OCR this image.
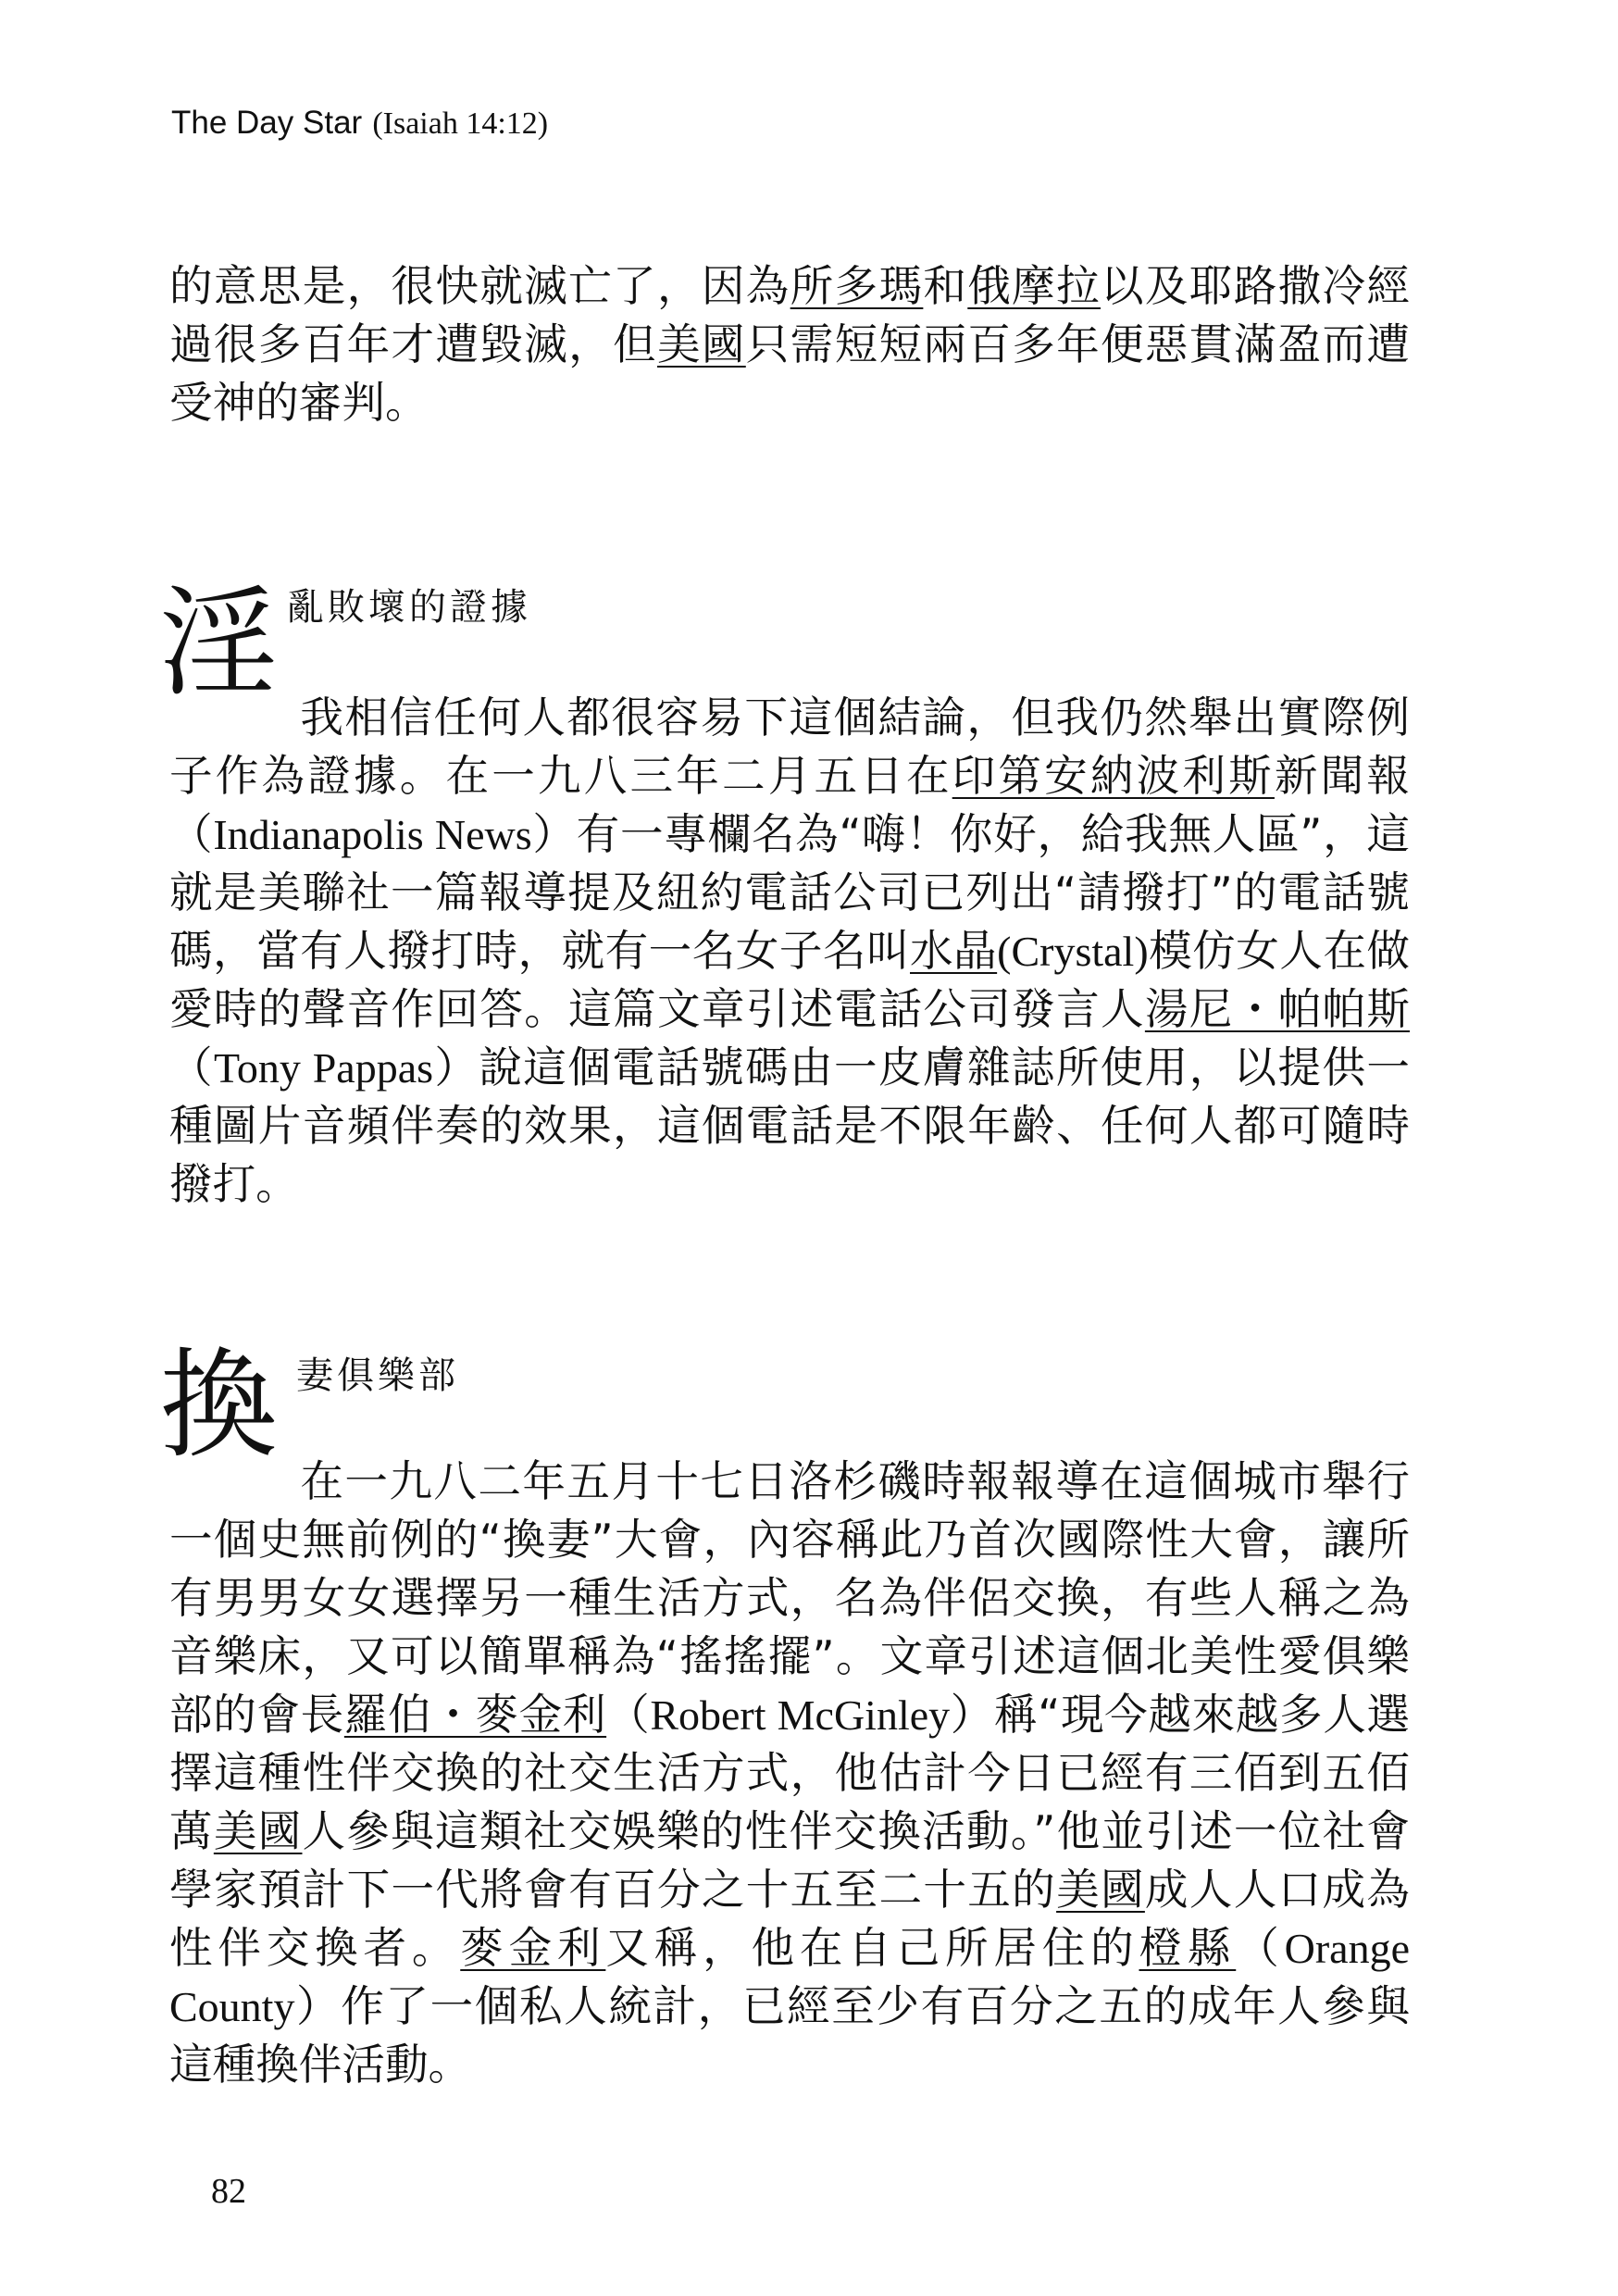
The Day Star (Isaiah 14:12)
的意思是，很快就滅亡了，因為所多瑪和俄摩拉以及耶路撒冷經過很多百年才遭毀滅，但美國只需短短兩百多年便惡貫滿盈而遭受神的審判。
淫 亂敗壞的證據
我相信任何人都很容易下這個結論，但我仍然舉出實際例子作為證據。在一九八三年二月五日在印第安納波利斯新聞報（Indianapolis News）有一專欄名為“嗨！你好，給我無人區”，這就是美聯社一篇報導提及紐約電話公司已列出“請撥打”的電話號碼，當有人撥打時，就有一名女子名叫水晶(Crystal)模仿女人在做愛時的聲音作回答。這篇文章引述電話公司發言人湯尼・帕帕斯（Tony Pappas）說這個電話號碼由一皮膚雜誌所使用，以提供一種圖片音頻伴奏的效果，這個電話是不限年齡、任何人都可隨時撥打。
換 妻俱樂部
在一九八二年五月十七日洛杉磯時報報導在這個城市舉行一個史無前例的“換妻”大會，內容稱此乃首次國際性大會，讓所有男男女女選擇另一種生活方式，名為伴侶交換，有些人稱之為音樂床，又可以簡單稱為“搖搖擺”。文章引述這個北美性愛俱樂部的會長羅伯・麥金利（Robert McGinley）稱“現今越來越多人選擇這種性伴交換的社交生活方式，他估計今日已經有三佰到五佰萬美國人參與這類社交娛樂的性伴交換活動。”他並引述一位社會學家預計下一代將會有百分之十五至二十五的美國成人人口成為性伴交換者。麥金利又稱，他在自己所居住的橙縣（Orange County）作了一個私人統計，已經至少有百分之五的成年人參與這種換伴活動。
82
